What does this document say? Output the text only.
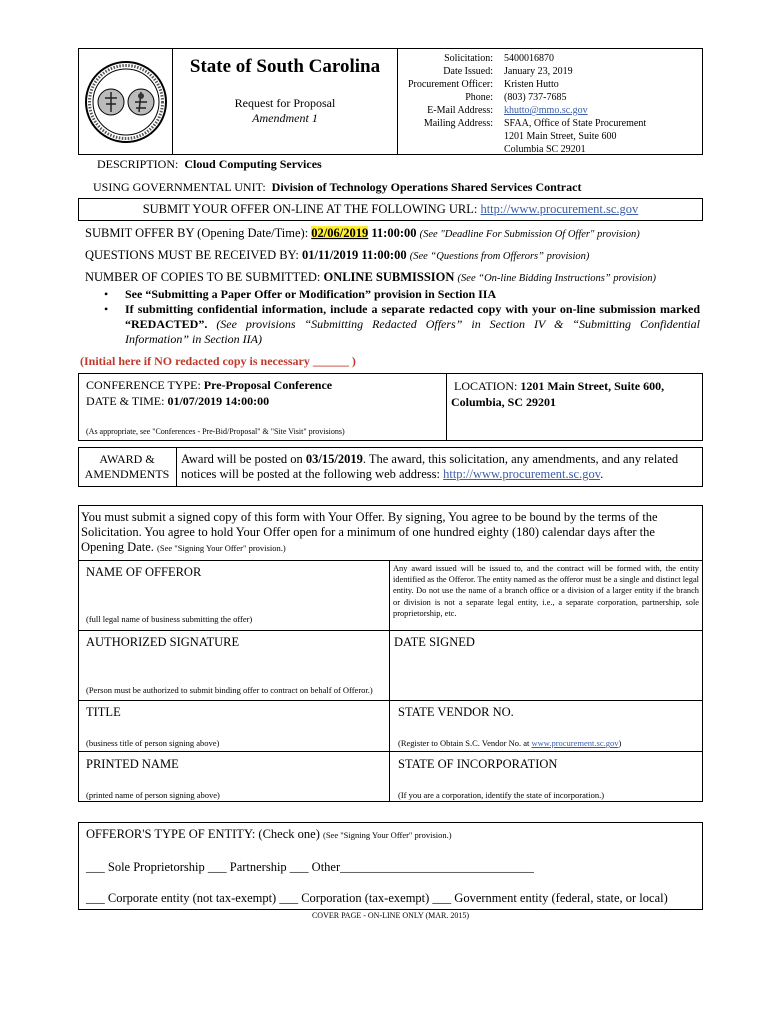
State of South Carolina
Request for Proposal
Amendment 1
Solicitation:
Date Issued:
Procurement Officer:
Phone:
E-Mail Address:
Mailing Address:
5400016870
January 23, 2019
Kristen Hutto
(803) 737-7685
khutto@mmo.sc.gov
SFAA, Office of State Procurement
1201 Main Street, Suite 600
Columbia SC 29201
DESCRIPTION: Cloud Computing Services
USING GOVERNMENTAL UNIT: Division of Technology Operations Shared Services Contract
SUBMIT YOUR OFFER ON-LINE AT THE FOLLOWING URL: http://www.procurement.sc.gov
SUBMIT OFFER BY (Opening Date/Time): 02/06/2019 11:00:00 (See "Deadline For Submission Of Offer" provision)
QUESTIONS MUST BE RECEIVED BY: 01/11/2019 11:00:00 (See “Questions from Offerors” provision)
NUMBER OF COPIES TO BE SUBMITTED: ONLINE SUBMISSION (See “On-line Bidding Instructions” provision)
• See “Submitting a Paper Offer or Modification” provision in Section IIA
• If submitting confidential information, include a separate redacted copy with your on-line submission marked “REDACTED”. (See provisions “Submitting Redacted Offers” in Section IV & “Submitting Confidential Information” in Section IIA)
(Initial here if NO redacted copy is necessary ______ )
CONFERENCE TYPE: Pre-Proposal Conference
DATE & TIME: 01/07/2019 14:00:00
LOCATION: 1201 Main Street, Suite 600,
Columbia, SC 29201
(As appropriate, see "Conferences - Pre-Bid/Proposal" & "Site Visit" provisions)
AWARD &
AMENDMENTS
Award will be posted on 03/15/2019. The award, this solicitation, any amendments, and any related
notices will be posted at the following web address: http://www.procurement.sc.gov.
You must submit a signed copy of this form with Your Offer. By signing, You agree to be bound by the terms of the Solicitation. You agree to hold Your Offer open for a minimum of one hundred eighty (180) calendar days after the Opening Date. (See "Signing Your Offer" provision.)
NAME OF OFFEROR
(full legal name of business submitting the offer)
Any award issued will be issued to, and the contract will be formed with, the entity identified as the Offeror. The entity named as the offeror must be a single and distinct legal entity. Do not use the name of a branch office or a division of a larger entity if the branch or division is not a separate legal entity, i.e., a separate corporation, partnership, sole proprietorship, etc.
AUTHORIZED SIGNATURE	DATE SIGNED
(Person must be authorized to submit binding offer to contract on behalf of Offeror.)
TITLE
(business title of person signing above)
STATE VENDOR NO.
(Register to Obtain S.C. Vendor No. at www.procurement.sc.gov)
PRINTED NAME
(printed name of person signing above)
STATE OF INCORPORATION
(If you are a corporation, identify the state of incorporation.)
OFFEROR'S TYPE OF ENTITY: (Check one) (See "Signing Your Offer" provision.)
___ Sole Proprietorship ___ Partnership ___ Other_______________________________
___ Corporate entity (not tax-exempt) ___ Corporation (tax-exempt) ___ Government entity (federal, state, or local)
COVER PAGE - ON-LINE ONLY (MAR. 2015)
